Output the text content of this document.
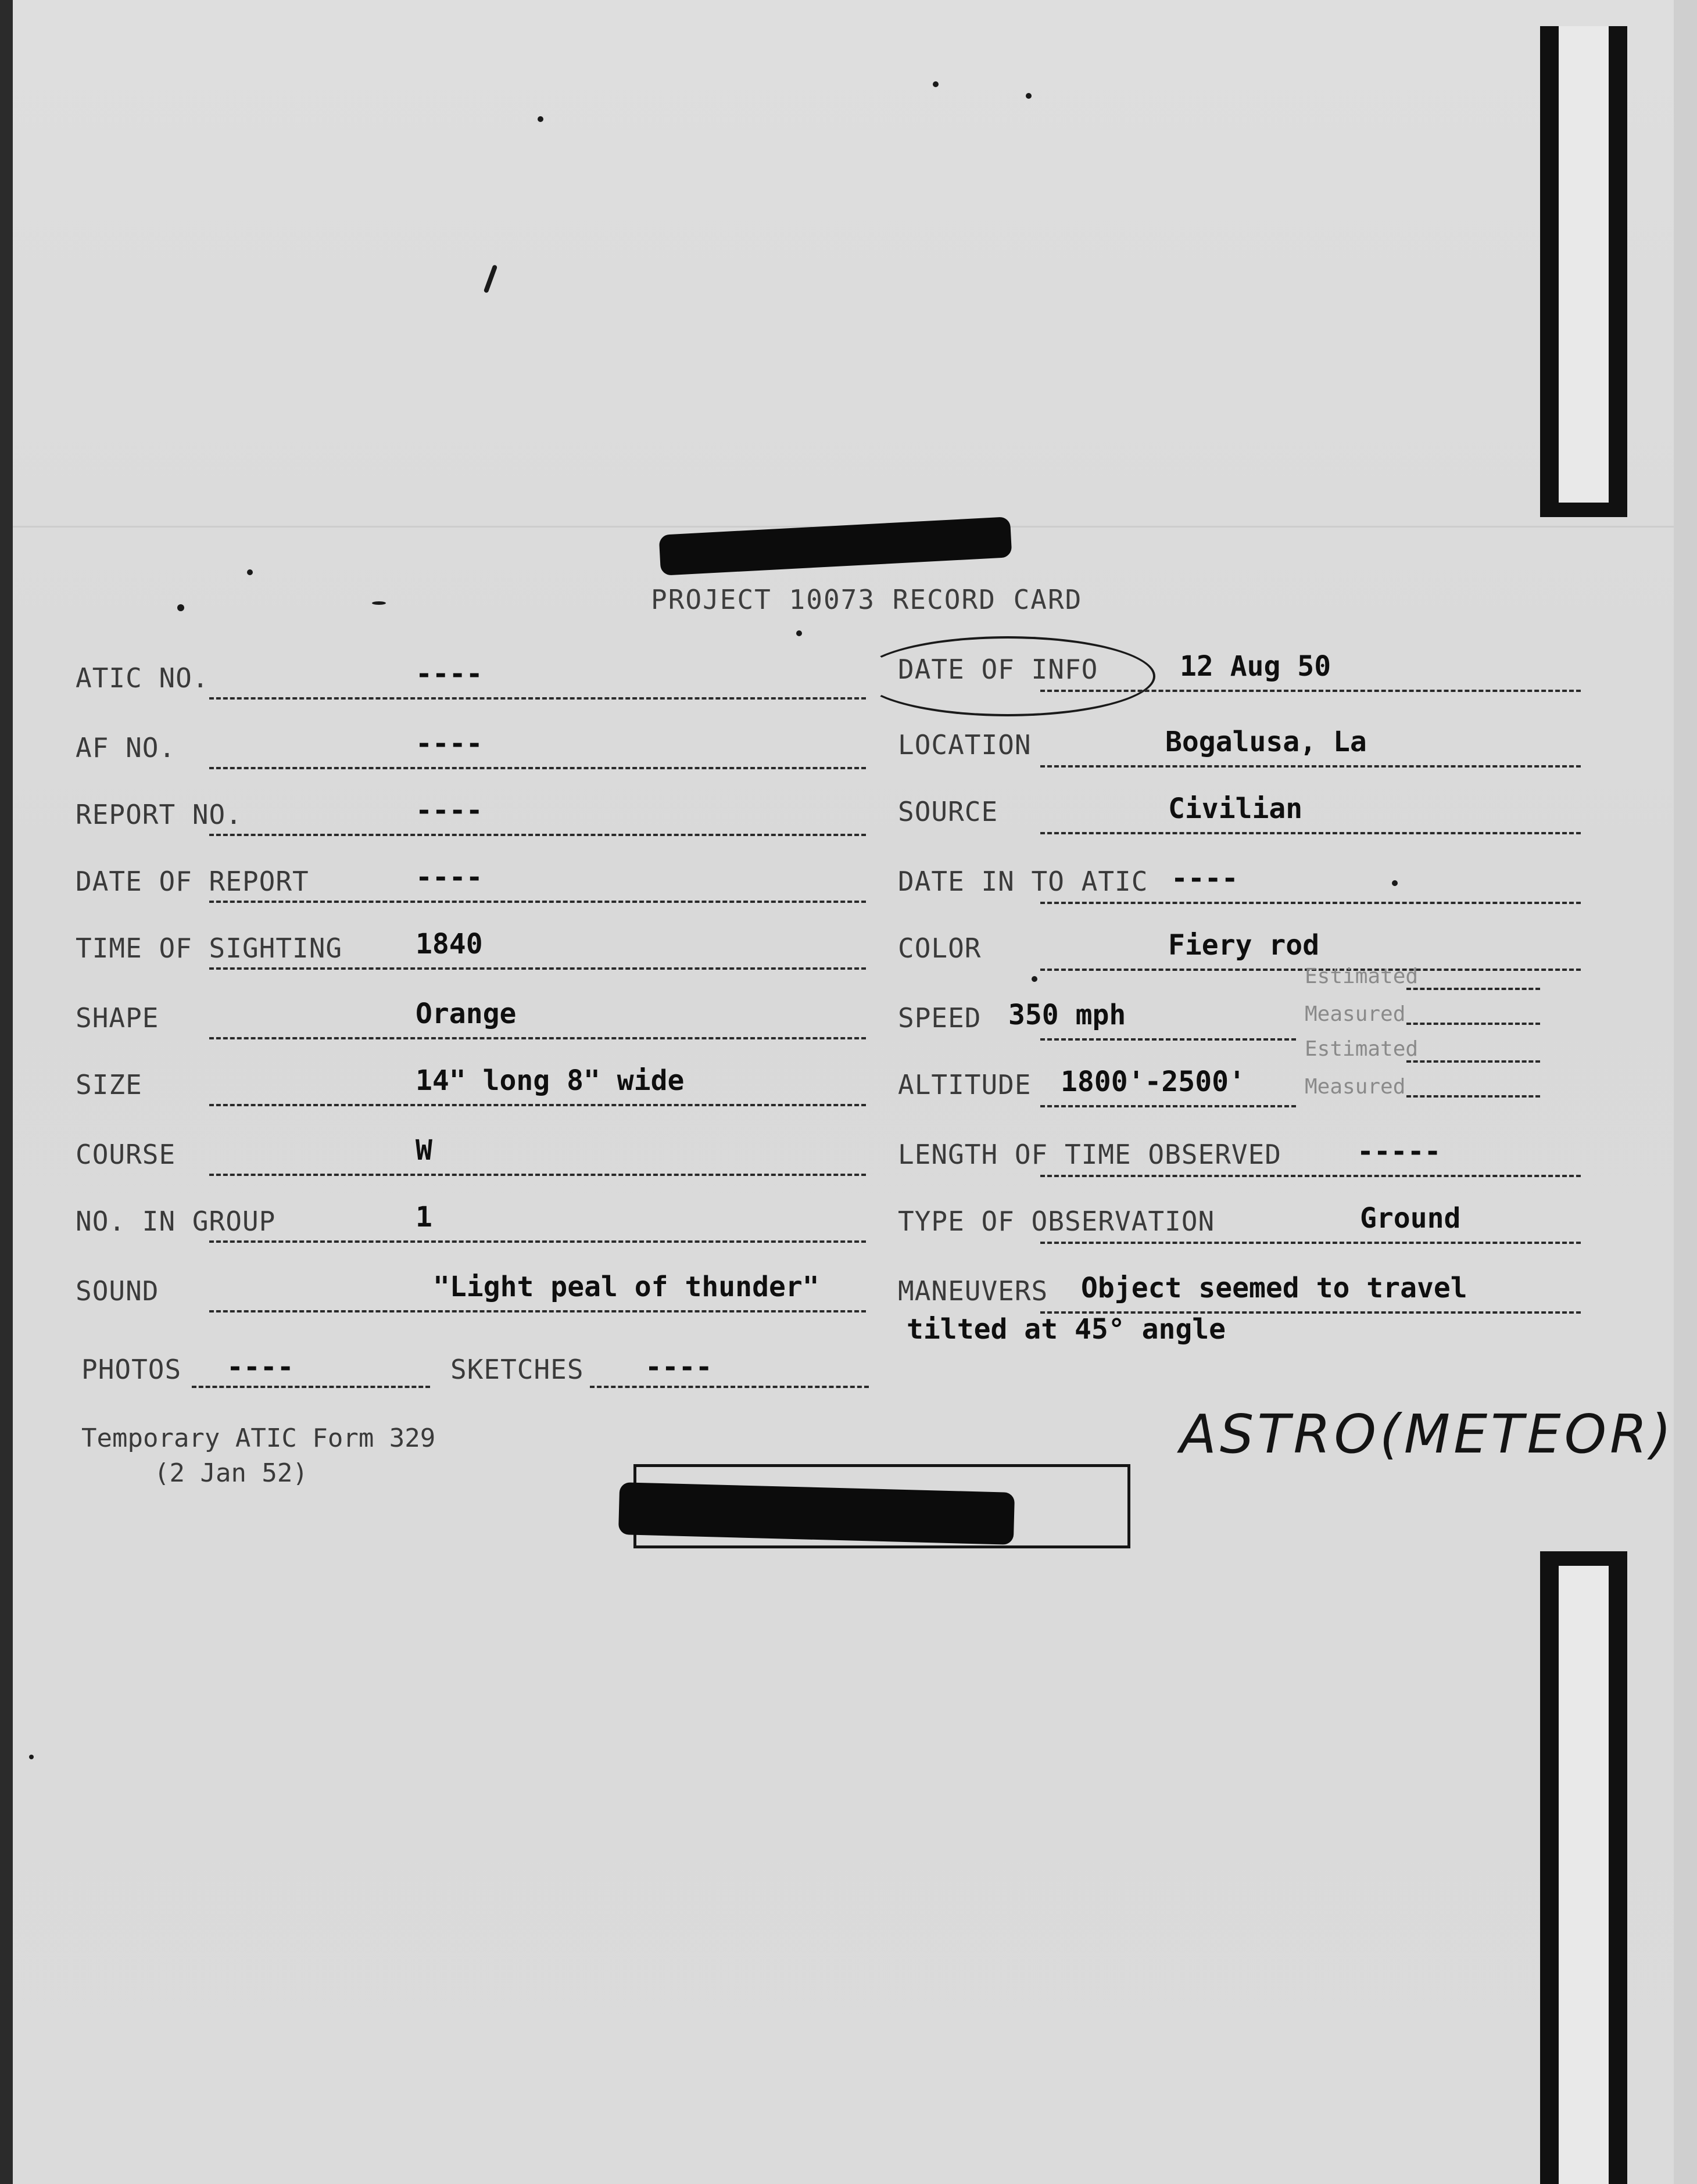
PROJECT 10073 RECORD CARD
ATIC NO.	----
AF NO.	----
REPORT NO.	----
DATE OF REPORT	----
TIME OF SIGHTING	1840
SHAPE	Orange
SIZE	14" long 8" wide
COURSE	W
NO. IN GROUP	1
SOUND	"Light peal of thunder"
PHOTOS ----	SKETCHES ----
DATE OF INFO	12 Aug 50
LOCATION	Bogalusa, La
SOURCE	Civilian
DATE IN TO ATIC ----
COLOR	Fiery rod
SPEED 350 mph
ALTITUDE 1800'-2500'
LENGTH OF TIME OBSERVED	-----
TYPE OF OBSERVATION	Ground
MANEUVERS Object seemed to travel
tilted at 45° angle
Estimated
Measured
Estimated
Measured
Temporary ATIC Form 329
(2 Jan 52)
ASTRO(METEOR)
